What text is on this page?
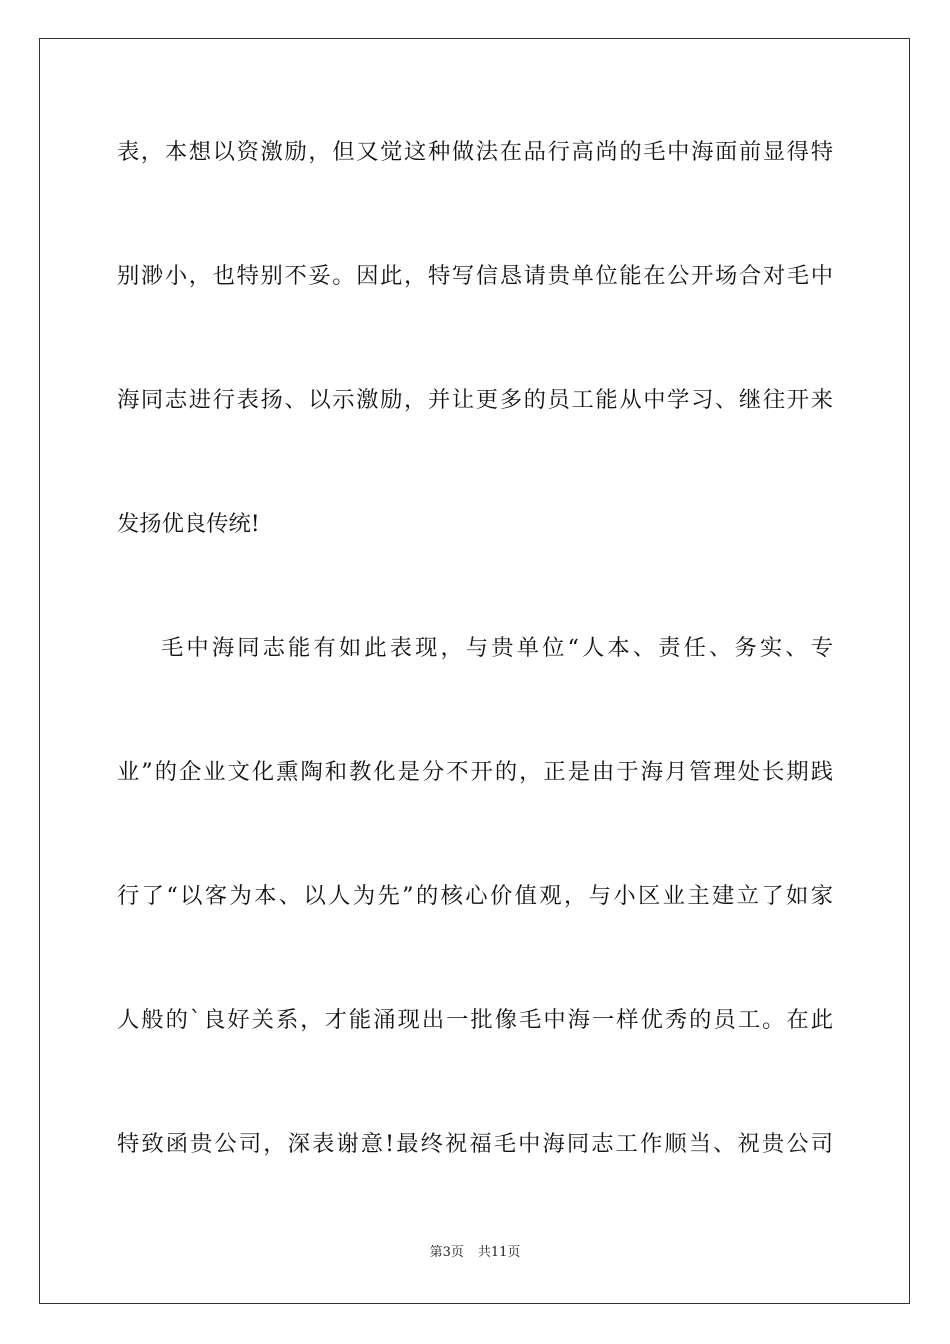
表，本想以资激励，但又觉这种做法在品行高尚的毛中海面前显得特
别渺小，也特别不妥。因此，特写信恳请贵单位能在公开场合对毛中
海同志进行表扬、以示激励，并让更多的员工能从中学习、继往开来
发扬优良传统!
毛中海同志能有如此表现，与贵单位“人本、责任、务实、专
业”的企业文化熏陶和教化是分不开的，正是由于海月管理处长期践
行了“以客为本、以人为先”的核心价值观，与小区业主建立了如家
人般的`良好关系，才能涌现出一批像毛中海一样优秀的员工。在此
特致函贵公司，深表谢意!最终祝福毛中海同志工作顺当、祝贵公司
第3页 共11页
